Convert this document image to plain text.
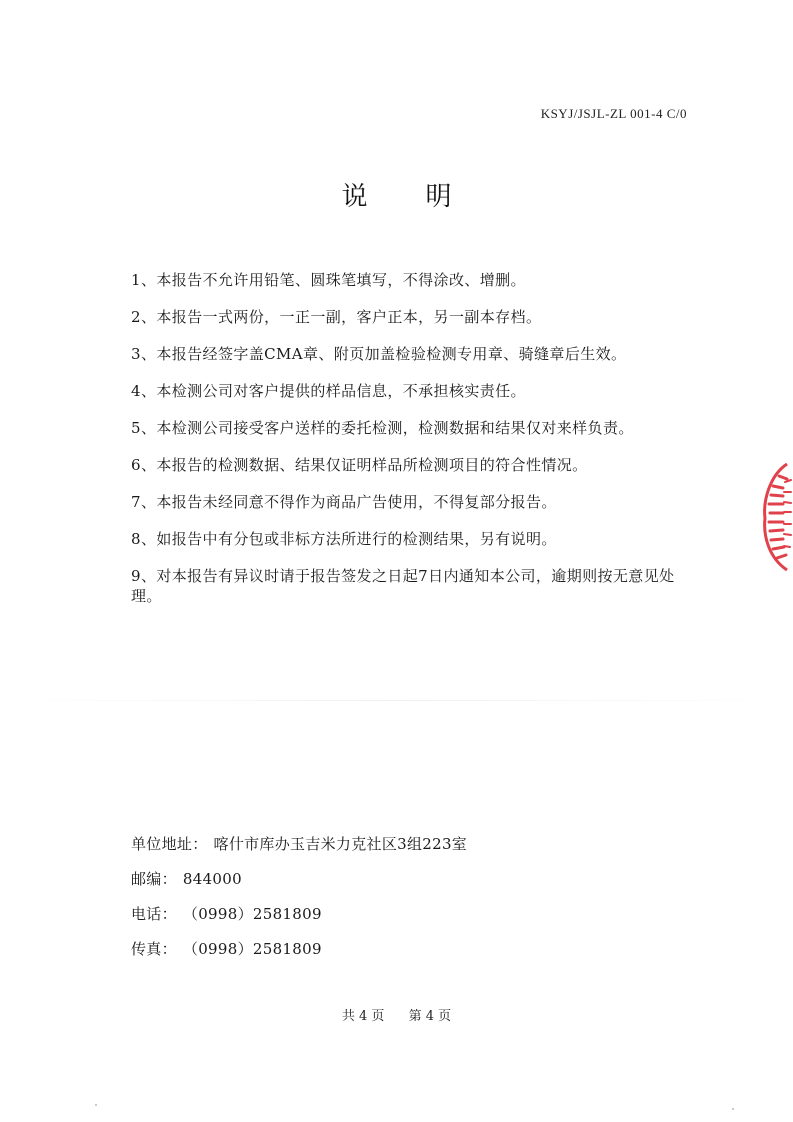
KSYJ/JSJL-ZL 001-4 C/0
说明
1、本报告不允许用铅笔、圆珠笔填写，不得涂改、增删。
2、本报告一式两份，一正一副，客户正本，另一副本存档。
3、本报告经签字盖CMA章、附页加盖检验检测专用章、骑缝章后生效。
4、本检测公司对客户提供的样品信息，不承担核实责任。
5、本检测公司接受客户送样的委托检测，检测数据和结果仅对来样负责。
6、本报告的检测数据、结果仅证明样品所检测项目的符合性情况。
7、本报告未经同意不得作为商品广告使用，不得复部分报告。
8、如报告中有分包或非标方法所进行的检测结果，另有说明。
9、对本报告有异议时请于报告签发之日起7日内通知本公司，逾期则按无意见处理。
单位地址： 喀什市库办玉吉米力克社区3组223室
邮编： 844000
电话： （0998）2581809
传真： （0998）2581809
共 4 页 第 4 页
